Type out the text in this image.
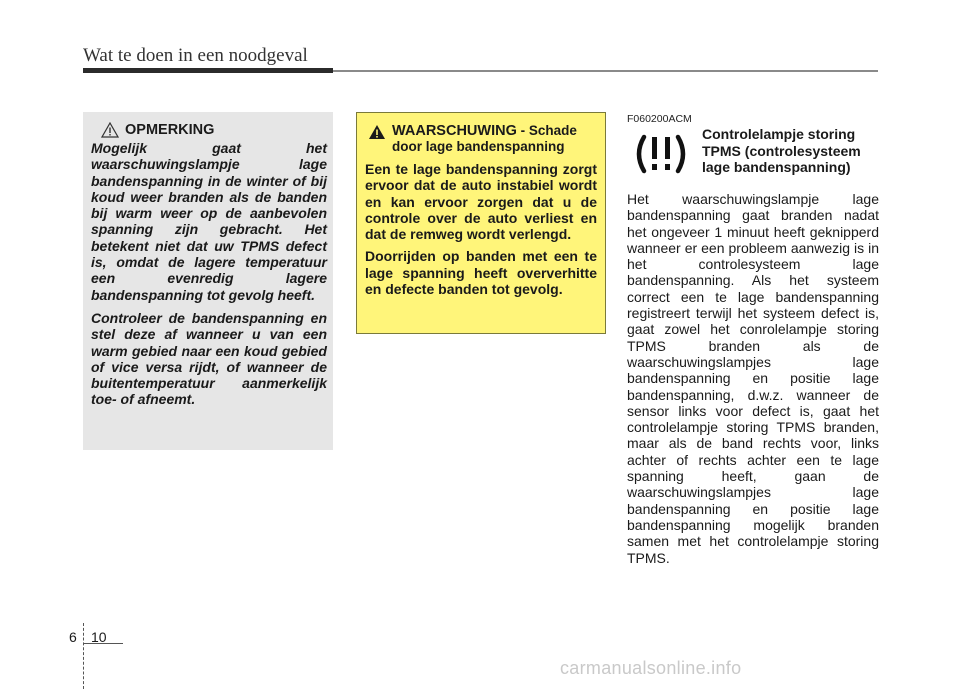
Wat te doen in een noodgeval
OPMERKING

Mogelijk gaat het waarschuwingslampje lage bandenspanning in de winter of bij koud weer branden als de banden bij warm weer op de aanbevolen spanning zijn gebracht. Het betekent niet dat uw TPMS defect is, omdat de lagere temperatuur een evenredig lagere bandenspanning tot gevolg heeft.

Controleer de bandenspanning en stel deze af wanneer u van een warm gebied naar een koud gebied of vice versa rijdt, of wanneer de buitentemperatuur aanmerkelijk toe- of afneemt.

WAARSCHUWING - Schade door lage bandenspanning

Een te lage bandenspanning zorgt ervoor dat de auto instabiel wordt en kan ervoor zorgen dat u de controle over de auto verliest en dat de remweg wordt verlengd.

Doorrijden op banden met een te lage spanning heeft oververhitte en defecte banden tot gevolg.

F060200ACM
Controlelampje storing TPMS (controlesysteem lage bandenspanning)

Het waarschuwingslampje lage bandenspanning gaat branden nadat het ongeveer 1 minuut heeft geknipperd wanneer er een probleem aanwezig is in het controlesysteem lage bandenspanning. Als het systeem correct een te lage bandenspanning registreert terwijl het systeem defect is, gaat zowel het conrolelampje storing TPMS branden als de waarschuwingslampjes lage bandenspanning en positie lage bandenspanning, d.w.z. wanneer de sensor links voor defect is, gaat het controlelampje storing TPMS branden, maar als de band rechts voor, links achter of rechts achter een te lage spanning heeft, gaan de waarschuwingslampjes lage bandenspanning en positie lage bandenspanning mogelijk branden samen met het controlelampje storing TPMS.

6 10
carmanualsonline.info
